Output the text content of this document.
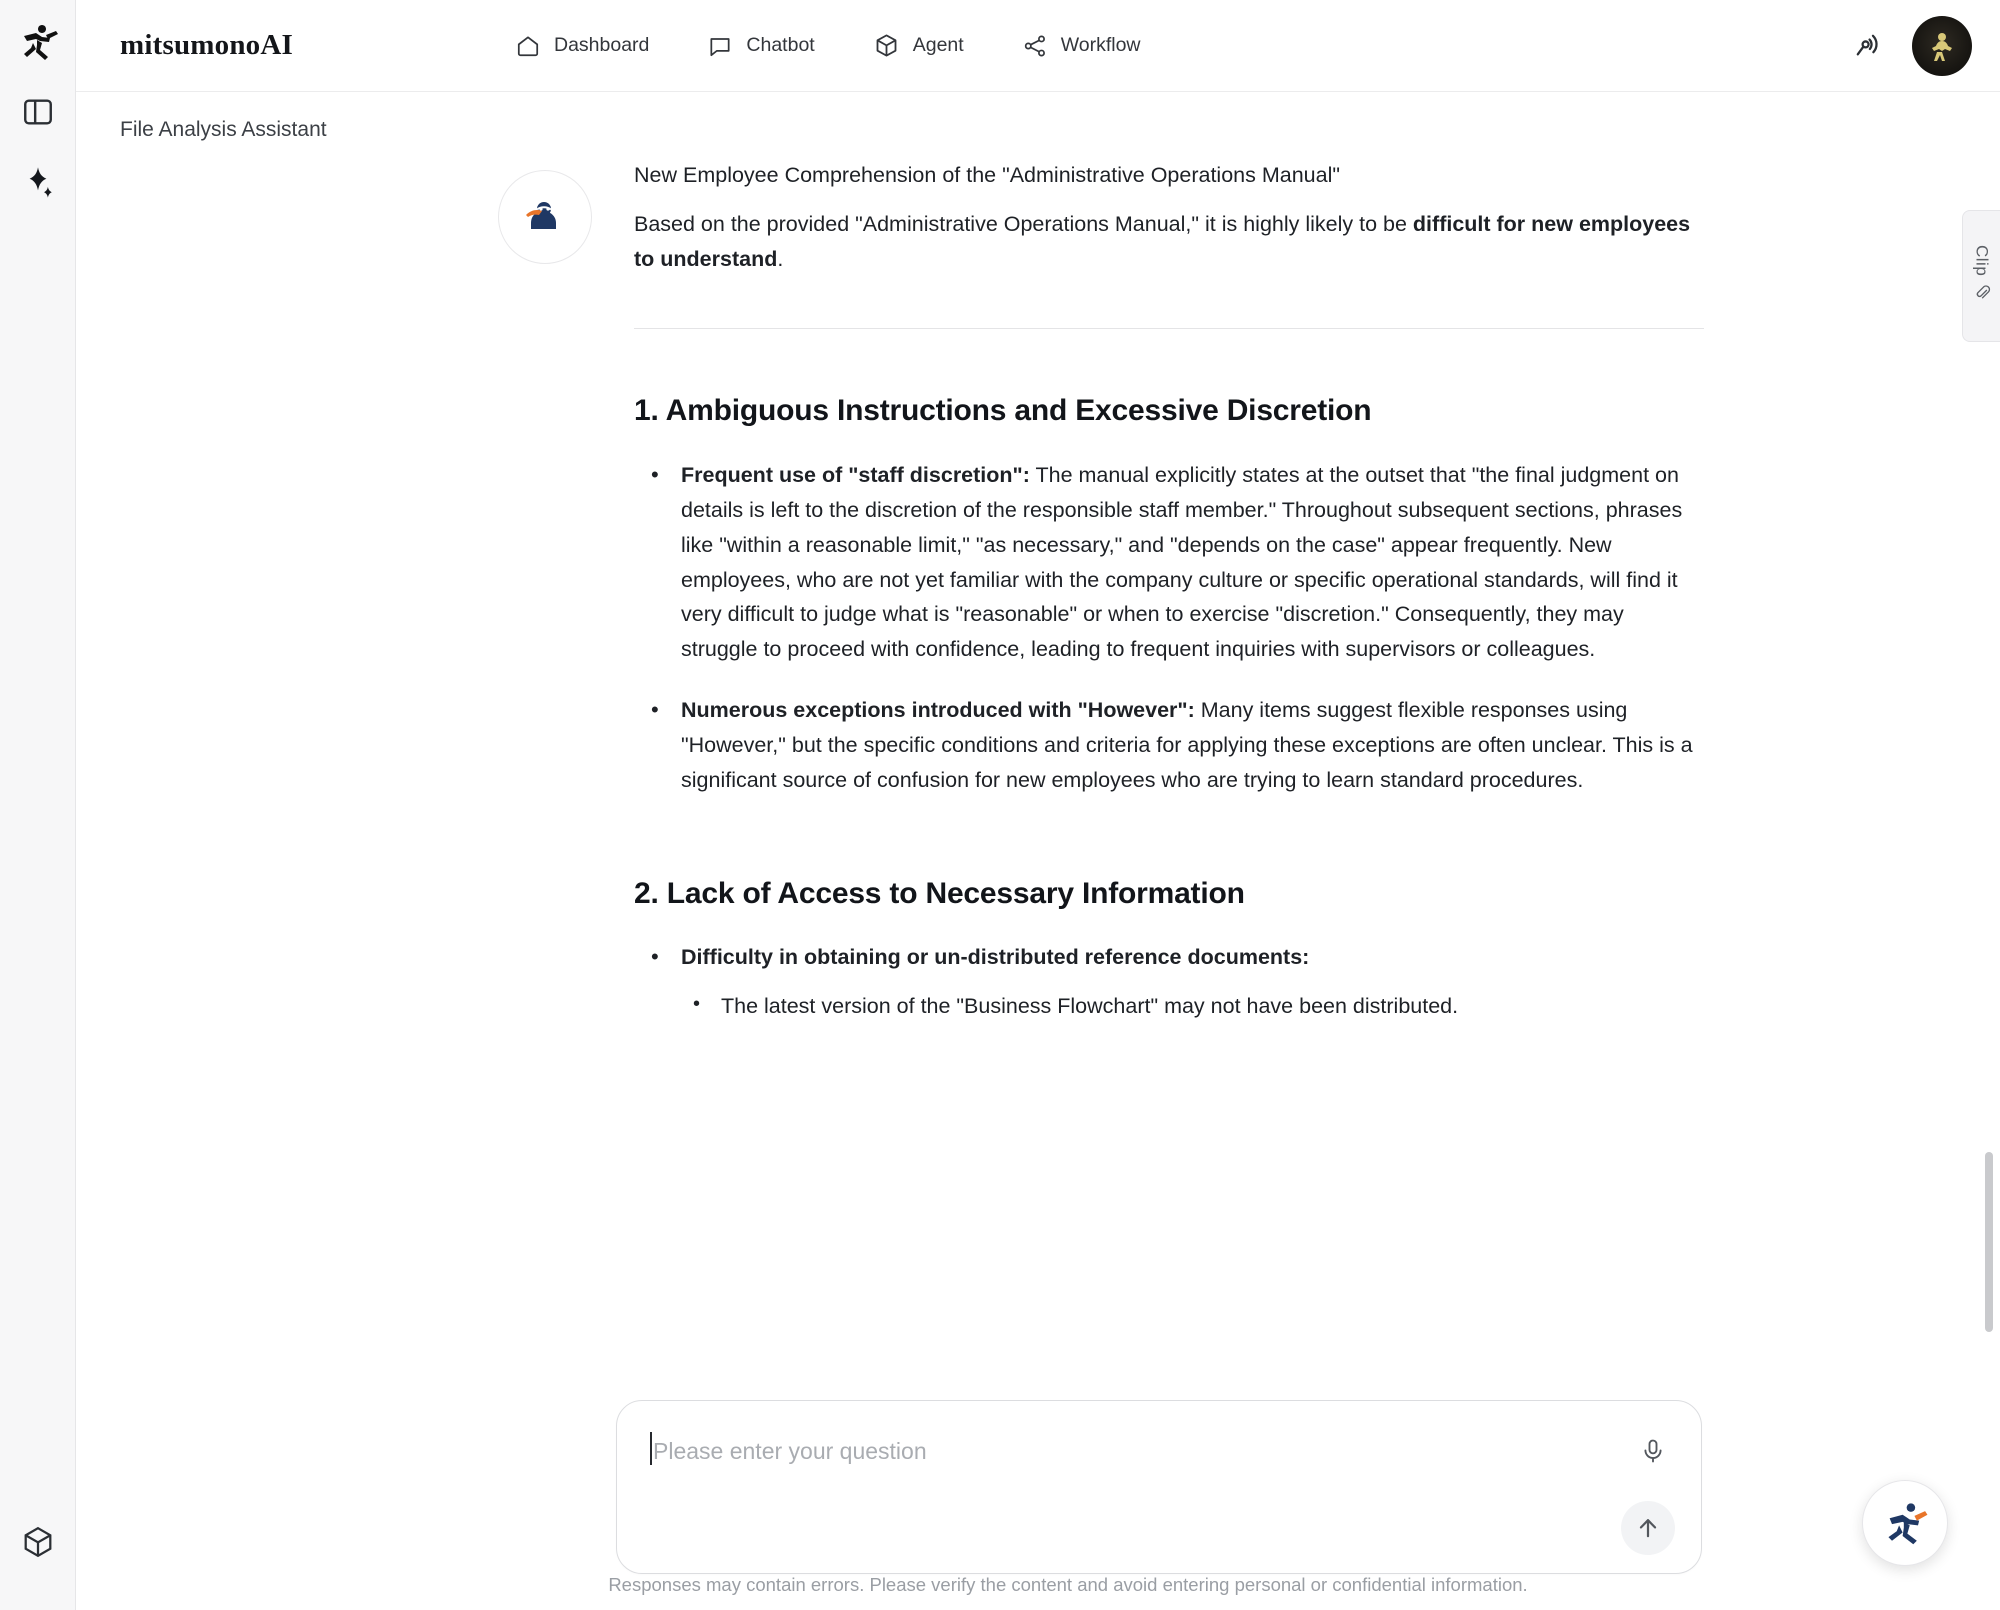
mitsumonoAI	Dashboard	Chatbot	Agent	Workflow
File Analysis Assistant

New Employee Comprehension of the "Administrative Operations Manual"

Based on the provided "Administrative Operations Manual," it is highly likely to be difficult for new employees to understand.

1. Ambiguous Instructions and Excessive Discretion
• Frequent use of "staff discretion": The manual explicitly states at the outset that "the final judgment on details is left to the discretion of the responsible staff member." Throughout subsequent sections, phrases like "within a reasonable limit," "as necessary," and "depends on the case" appear frequently. New employees, who are not yet familiar with the company culture or specific operational standards, will find it very difficult to judge what is "reasonable" or when to exercise "discretion." Consequently, they may struggle to proceed with confidence, leading to frequent inquiries with supervisors or colleagues.
• Numerous exceptions introduced with "However": Many items suggest flexible responses using "However," but the specific conditions and criteria for applying these exceptions are often unclear. This is a significant source of confusion for new employees who are trying to learn standard procedures.
2. Lack of Access to Necessary Information
• Difficulty in obtaining or un-distributed reference documents:
• The latest version of the "Business Flowchart" may not have been distributed.
Please enter your question
Responses may contain errors. Please verify the content and avoid entering personal or confidential information.
Clip
